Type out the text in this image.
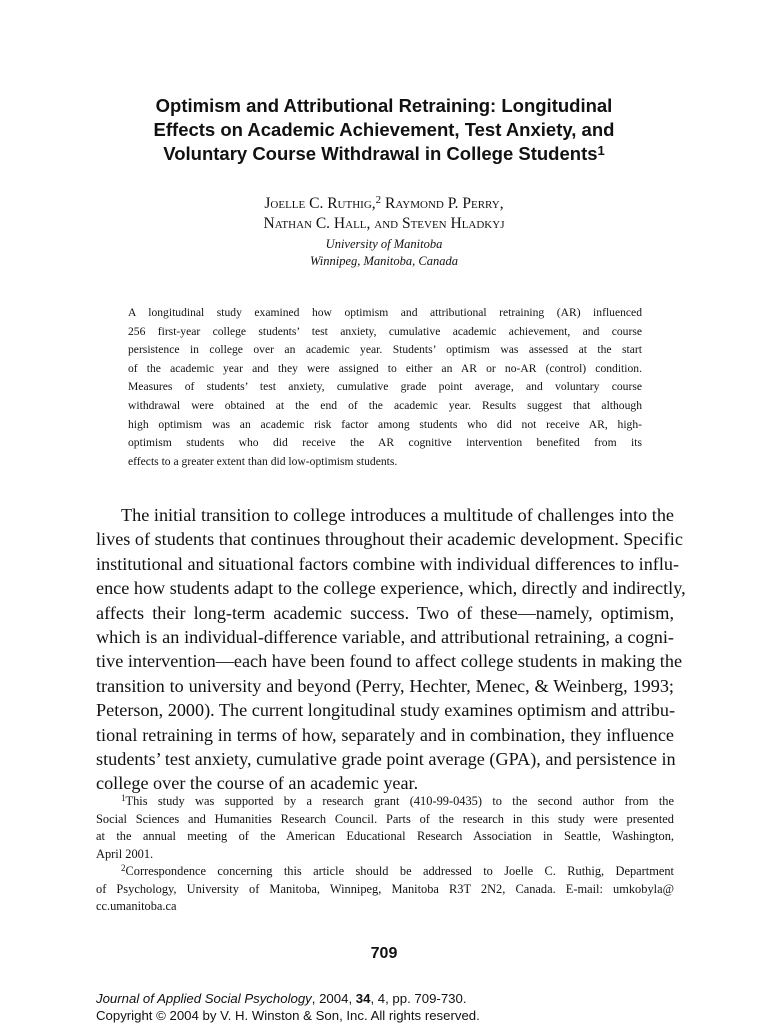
Optimism and Attributional Retraining: Longitudinal
Effects on Academic Achievement, Test Anxiety, and
Voluntary Course Withdrawal in College Students$^1$
Joelle C. Ruthig,$^2$ Raymond P. Perry,
Nathan C. Hall, and Steven Hladkyj
University of Manitoba
Winnipeg, Manitoba, Canada
A longitudinal study examined how optimism and attributional retraining (AR) influenced
256 first-year college students’ test anxiety, cumulative academic achievement, and course
persistence in college over an academic year. Students’ optimism was assessed at the start
of the academic year and they were assigned to either an AR or no-AR (control) condition.
Measures of students’ test anxiety, cumulative grade point average, and voluntary course
withdrawal were obtained at the end of the academic year. Results suggest that although
high optimism was an academic risk factor among students who did not receive AR, high-
optimism students who did receive the AR cognitive intervention benefited from its
effects to a greater extent than did low-optimism students.
The initial transition to college introduces a multitude of challenges into the
lives of students that continues throughout their academic development. Specific
institutional and situational factors combine with individual differences to influ-
ence how students adapt to the college experience, which, directly and indirectly,
affects their long-term academic success. Two of these—namely, optimism,
which is an individual-difference variable, and attributional retraining, a cogni-
tive intervention—each have been found to affect college students in making the
transition to university and beyond (Perry, Hechter, Menec, & Weinberg, 1993;
Peterson, 2000). The current longitudinal study examines optimism and attribu-
tional retraining in terms of how, separately and in combination, they influence
students’ test anxiety, cumulative grade point average (GPA), and persistence in
college over the course of an academic year.
$^1$This study was supported by a research grant (410-99-0435) to the second author from the
Social Sciences and Humanities Research Council. Parts of the research in this study were presented
at the annual meeting of the American Educational Research Association in Seattle, Washington,
April 2001.
$^2$Correspondence concerning this article should be addressed to Joelle C. Ruthig, Department
of Psychology, University of Manitoba, Winnipeg, Manitoba R3T 2N2, Canada. E-mail: umkobyla@
cc.umanitoba.ca
709
Journal of Applied Social Psychology, 2004, 34, 4, pp. 709-730.
Copyright © 2004 by V. H. Winston & Son, Inc. All rights reserved.
